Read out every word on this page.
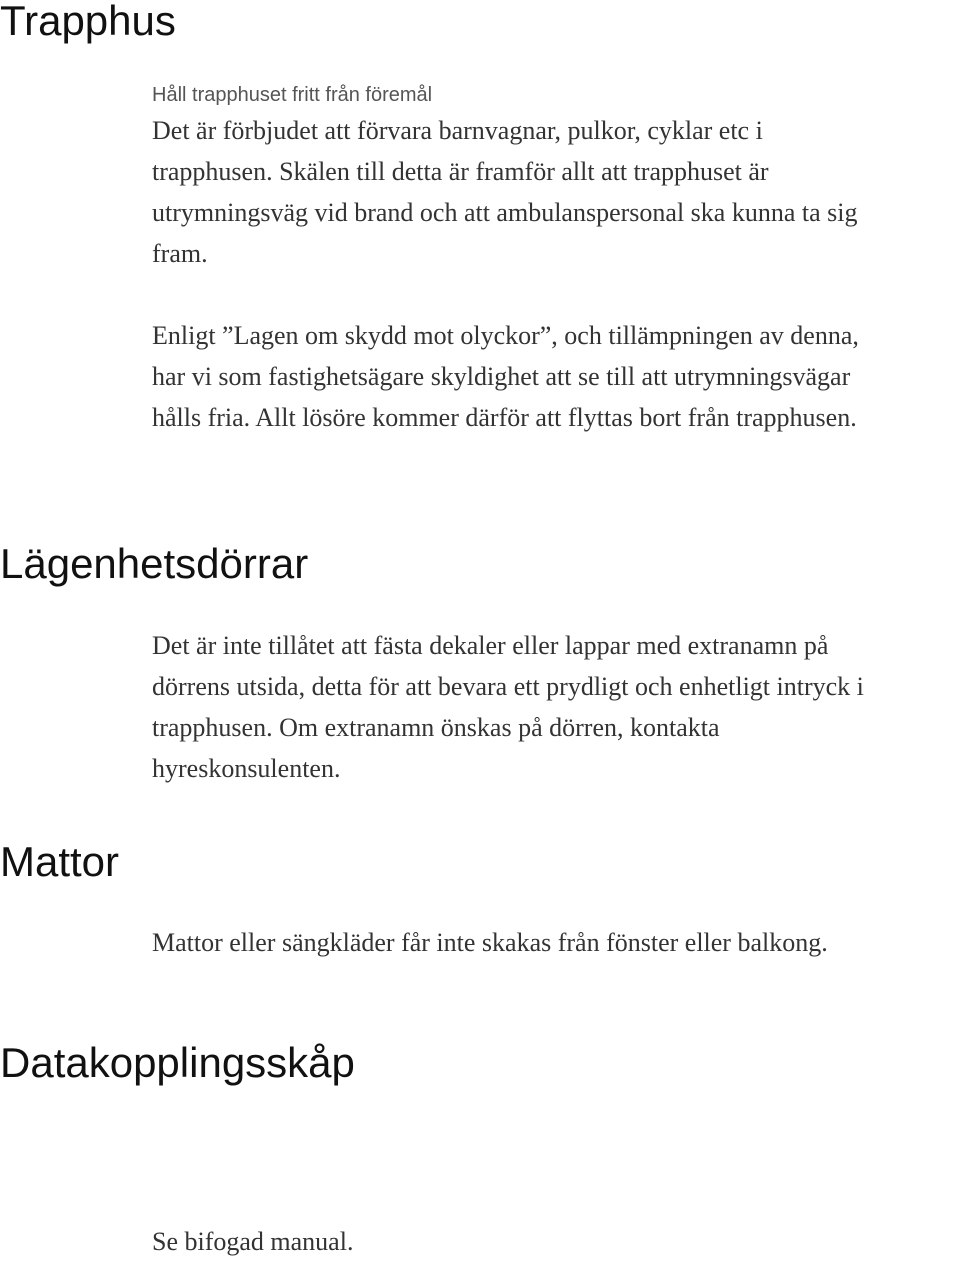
Trapphus
Håll trapphuset fritt från föremål

Det är förbjudet att förvara barnvagnar, pulkor, cyklar etc i
trapphusen. Skälen till detta är framför allt att trapphuset är
utrymningsväg vid brand och att ambulanspersonal ska kunna ta sig
fram.

Enligt ”Lagen om skydd mot olyckor”, och tillämpningen av denna,
har vi som fastighetsägare skyldighet att se till att utrymningsvägar
hålls fria. Allt lösöre kommer därför att flyttas bort från trapphusen.

Lägenhetsdörrar

Det är inte tillåtet att fästa dekaler eller lappar med extranamn på
dörrens utsida, detta för att bevara ett prydligt och enhetligt intryck i
trapphusen. Om extranamn önskas på dörren, kontakta
hyreskonsulenten.

Mattor

Mattor eller sängkläder får inte skakas från fönster eller balkong.

Datakopplingsskåp

Se bifogad manual.
